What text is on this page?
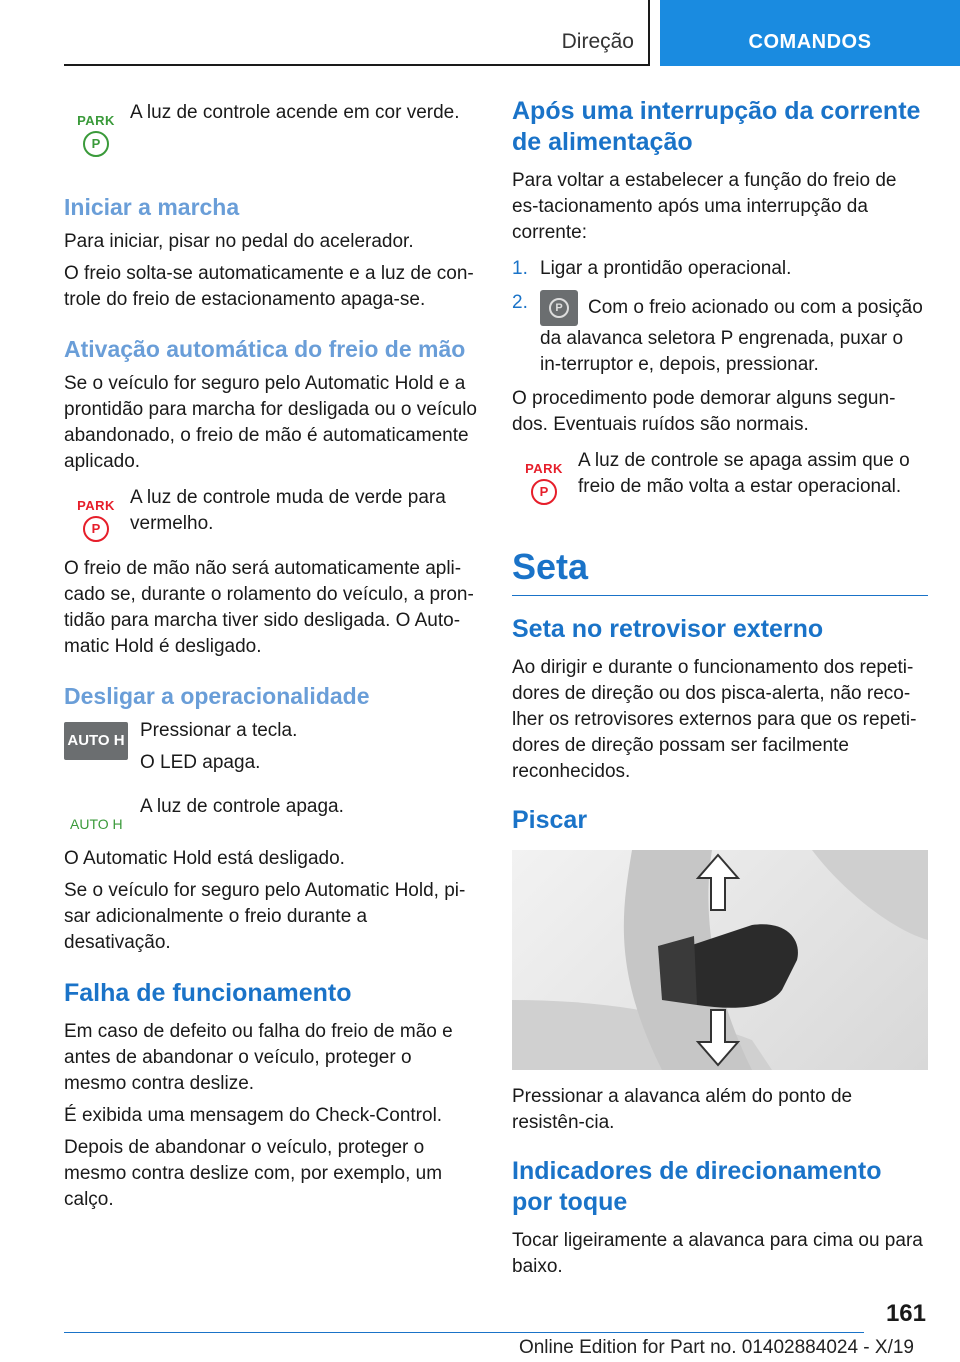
Direção	COMANDOS
PARK
P

A luz de controle acende em cor verde.

Iniciar a marcha

Para iniciar, pisar no pedal do acelerador.

O freio solta-se automaticamente e a luz de con-trole do freio de estacionamento apaga-se.

Ativação automática do freio de mão

Se o veículo for seguro pelo Automatic Hold e a prontidão para marcha for desligada ou o veículo abandonado, o freio de mão é automaticamente aplicado.

PARK
P

A luz de controle muda de verde para vermelho.

O freio de mão não será automaticamente apli-cado se, durante o rolamento do veículo, a pron-tidão para marcha tiver sido desligada. O Auto-matic Hold é desligado.

Desligar a operacionalidade
AUTO H Pressionar a tecla.

O LED apaga.

AUTO H

A luz de controle apaga.

O Automatic Hold está desligado.

Se o veículo for seguro pelo Automatic Hold, pi-sar adicionalmente o freio durante a desativação.

Falha de funcionamento

Em caso de defeito ou falha do freio de mão e antes de abandonar o veículo, proteger o mesmo contra deslize.

É exibida uma mensagem do Check-Control.

Depois de abandonar o veículo, proteger o mesmo contra deslize com, por exemplo, um calço.

Após uma interrupção da corrente de alimentação

Para voltar a estabelecer a função do freio de es-tacionamento após uma interrupção da corrente:

1. Ligar a prontidão operacional.
2.	P	Com o freio acionado ou com a posição da alavanca seletora P engrenada, puxar o in-terruptor e, depois, pressionar.

O procedimento pode demorar alguns segun-dos. Eventuais ruídos são normais.

PARK
P

A luz de controle se apaga assim que o freio de mão volta a estar operacional.

Seta
Seta no retrovisor externo

Ao dirigir e durante o funcionamento dos repeti-dores de direção ou dos pisca-alerta, não reco-lher os retrovisores externos para que os repeti-dores de direção possam ser facilmente reconhecidos.

Piscar

Pressionar a alavanca além do ponto de resistên-cia.

Indicadores de direcionamento por toque

Tocar ligeiramente a alavanca para cima ou para baixo.

161
Online Edition for Part no. 01402884024 - X/19
